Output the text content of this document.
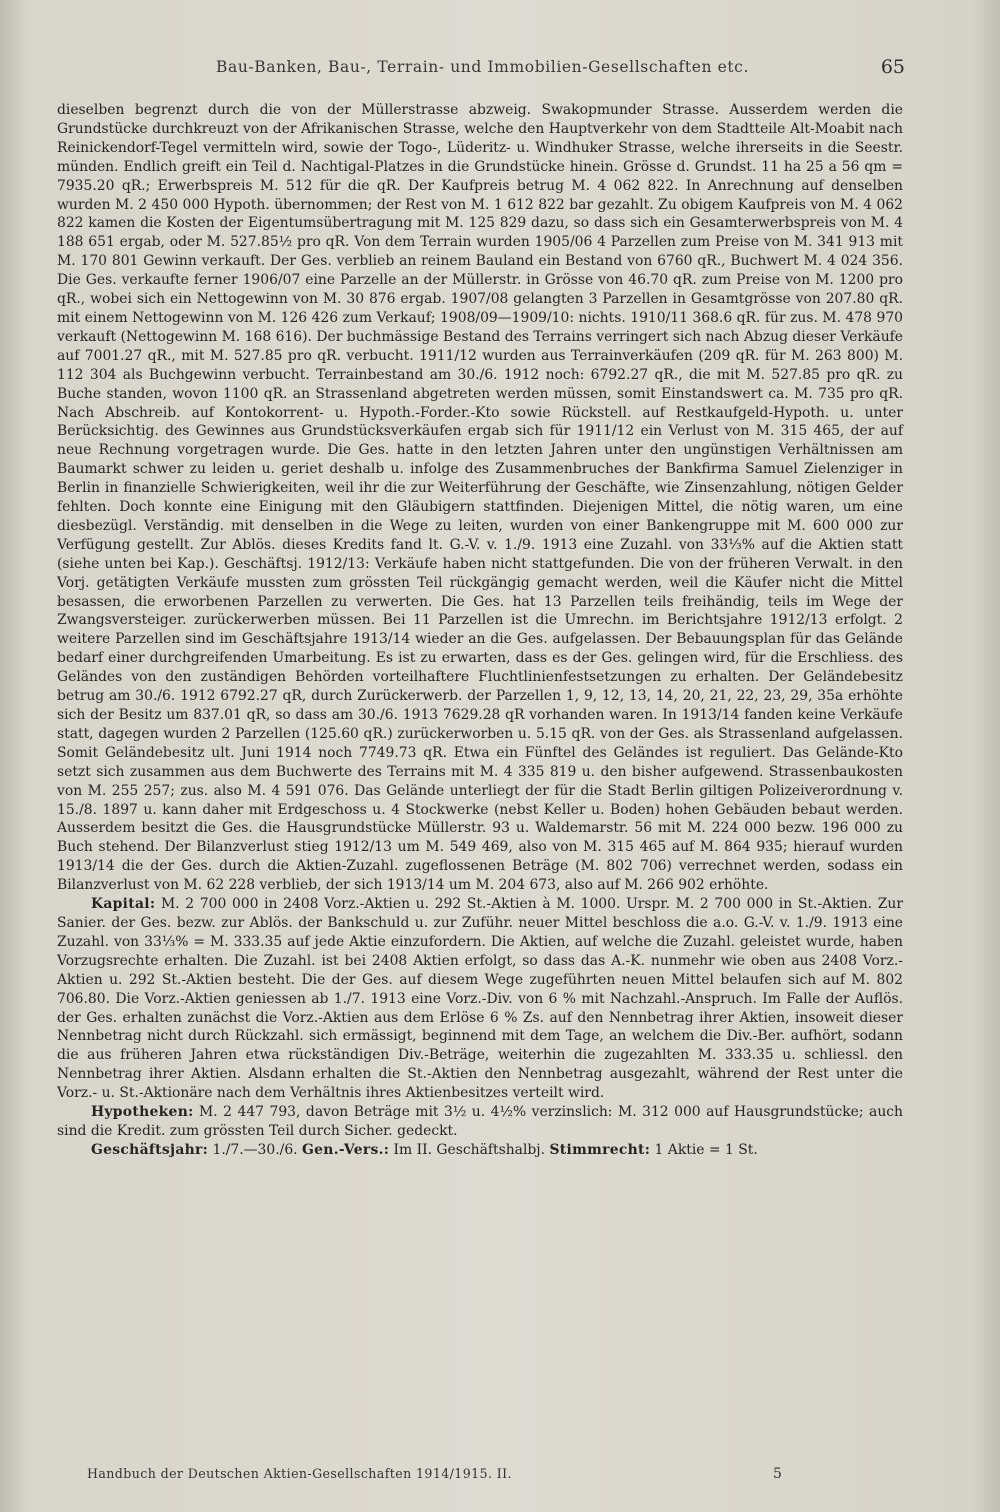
Bau-Banken, Bau-, Terrain- und Immobilien-Gesellschaften etc.	65

dieselben begrenzt durch die von der Müllerstrasse abzweig. Swakopmunder Strasse. Ausserdem werden die Grundstücke durchkreuzt von der Afrikanischen Strasse, welche den Hauptverkehr von dem Stadtteile Alt-Moabit nach Reinickendorf-Tegel vermitteln wird, sowie der Togo-, Lüderitz- u. Windhuker Strasse, welche ihrerseits in die Seestr. münden. Endlich greift ein Teil d. Nachtigal-Platzes in die Grundstücke hinein. Grösse d. Grundst. 11 ha 25 a 56 qm = 7935.20 qR.; Erwerbspreis M. 512 für die qR. Der Kaufpreis betrug M. 4 062 822. In Anrechnung auf denselben wurden M. 2 450 000 Hypoth. übernommen; der Rest von M. 1 612 822 bar gezahlt. Zu obigem Kaufpreis von M. 4 062 822 kamen die Kosten der Eigentumsübertragung mit M. 125 829 dazu, so dass sich ein Gesamterwerbspreis von M. 4 188 651 ergab, oder M. 527.85½ pro qR. Von dem Terrain wurden 1905/06 4 Parzellen zum Preise von M. 341 913 mit M. 170 801 Gewinn verkauft. Der Ges. verblieb an reinem Bauland ein Bestand von 6760 qR., Buchwert M. 4 024 356. Die Ges. verkaufte ferner 1906/07 eine Parzelle an der Müllerstr. in Grösse von 46.70 qR. zum Preise von M. 1200 pro qR., wobei sich ein Nettogewinn von M. 30 876 ergab. 1907/08 gelangten 3 Parzellen in Gesamtgrösse von 207.80 qR. mit einem Nettogewinn von M. 126 426 zum Verkauf; 1908/09—1909/10: nichts. 1910/11 368.6 qR. für zus. M. 478 970 verkauft (Nettogewinn M. 168 616). Der buchmässige Bestand des Terrains verringert sich nach Abzug dieser Verkäufe auf 7001.27 qR., mit M. 527.85 pro qR. verbucht. 1911/12 wurden aus Terrainverkäufen (209 qR. für M. 263 800) M. 112 304 als Buchgewinn verbucht. Terrainbestand am 30./6. 1912 noch: 6792.27 qR., die mit M. 527.85 pro qR. zu Buche standen, wovon 1100 qR. an Strassenland abgetreten werden müssen, somit Einstandswert ca. M. 735 pro qR. Nach Abschreib. auf Kontokorrent- u. Hypoth.-Forder.-Kto sowie Rückstell. auf Restkaufgeld-Hypoth. u. unter Berücksichtig. des Gewinnes aus Grundstücksverkäufen ergab sich für 1911/12 ein Verlust von M. 315 465, der auf neue Rechnung vorgetragen wurde. Die Ges. hatte in den letzten Jahren unter den ungünstigen Verhältnissen am Baumarkt schwer zu leiden u. geriet deshalb u. infolge des Zusammenbruches der Bankfirma Samuel Zielenziger in Berlin in finanzielle Schwierigkeiten, weil ihr die zur Weiterführung der Geschäfte, wie Zinsenzahlung, nötigen Gelder fehlten. Doch konnte eine Einigung mit den Gläubigern stattfinden. Diejenigen Mittel, die nötig waren, um eine diesbezügl. Verständig. mit denselben in die Wege zu leiten, wurden von einer Bankengruppe mit M. 600 000 zur Verfügung gestellt. Zur Ablös. dieses Kredits fand lt. G.-V. v. 1./9. 1913 eine Zuzahl. von 33⅓% auf die Aktien statt (siehe unten bei Kap.). Geschäftsj. 1912/13: Verkäufe haben nicht stattgefunden. Die von der früheren Verwalt. in den Vorj. getätigten Verkäufe mussten zum grössten Teil rückgängig gemacht werden, weil die Käufer nicht die Mittel besassen, die erworbenen Parzellen zu verwerten. Die Ges. hat 13 Parzellen teils freihändig, teils im Wege der Zwangsversteiger. zurückerwerben müssen. Bei 11 Parzellen ist die Umrechn. im Berichtsjahre 1912/13 erfolgt. 2 weitere Parzellen sind im Geschäftsjahre 1913/14 wieder an die Ges. aufgelassen. Der Bebauungsplan für das Gelände bedarf einer durchgreifenden Umarbeitung. Es ist zu erwarten, dass es der Ges. gelingen wird, für die Erschliess. des Geländes von den zuständigen Behörden vorteilhaftere Fluchtlinienfestsetzungen zu erhalten. Der Geländebesitz betrug am 30./6. 1912 6792.27 qR, durch Zurückerwerb. der Parzellen 1, 9, 12, 13, 14, 20, 21, 22, 23, 29, 35a erhöhte sich der Besitz um 837.01 qR, so dass am 30./6. 1913 7629.28 qR vorhanden waren. In 1913/14 fanden keine Verkäufe statt, dagegen wurden 2 Parzellen (125.60 qR.) zurückerworben u. 5.15 qR. von der Ges. als Strassenland aufgelassen. Somit Geländebesitz ult. Juni 1914 noch 7749.73 qR. Etwa ein Fünftel des Geländes ist reguliert. Das Gelände-Kto setzt sich zusammen aus dem Buchwerte des Terrains mit M. 4 335 819 u. den bisher aufgewend. Strassenbaukosten von M. 255 257; zus. also M. 4 591 076. Das Gelände unterliegt der für die Stadt Berlin giltigen Polizeiverordnung v. 15./8. 1897 u. kann daher mit Erdgeschoss u. 4 Stockwerke (nebst Keller u. Boden) hohen Gebäuden bebaut werden. Ausserdem besitzt die Ges. die Hausgrundstücke Müllerstr. 93 u. Waldemarstr. 56 mit M. 224 000 bezw. 196 000 zu Buch stehend. Der Bilanzverlust stieg 1912/13 um M. 549 469, also von M. 315 465 auf M. 864 935; hierauf wurden 1913/14 die der Ges. durch die Aktien-Zuzahl. zugeflossenen Beträge (M. 802 706) verrechnet werden, sodass ein Bilanzverlust von M. 62 228 verblieb, der sich 1913/14 um M. 204 673, also auf M. 266 902 erhöhte.

Kapital: M. 2 700 000 in 2408 Vorz.-Aktien u. 292 St.-Aktien à M. 1000. Urspr. M. 2 700 000 in St.-Aktien. Zur Sanier. der Ges. bezw. zur Ablös. der Bankschuld u. zur Zuführ. neuer Mittel beschloss die a.o. G.-V. v. 1./9. 1913 eine Zuzahl. von 33⅓% = M. 333.35 auf jede Aktie einzufordern. Die Aktien, auf welche die Zuzahl. geleistet wurde, haben Vorzugsrechte erhalten. Die Zuzahl. ist bei 2408 Aktien erfolgt, so dass das A.-K. nunmehr wie oben aus 2408 Vorz.-Aktien u. 292 St.-Aktien besteht. Die der Ges. auf diesem Wege zugeführten neuen Mittel belaufen sich auf M. 802 706.80. Die Vorz.-Aktien geniessen ab 1./7. 1913 eine Vorz.-Div. von 6 % mit Nachzahl.-Anspruch. Im Falle der Auflös. der Ges. erhalten zunächst die Vorz.-Aktien aus dem Erlöse 6 % Zs. auf den Nennbetrag ihrer Aktien, insoweit dieser Nennbetrag nicht durch Rückzahl. sich ermässigt, beginnend mit dem Tage, an welchem die Div.-Ber. aufhört, sodann die aus früheren Jahren etwa rückständigen Div.-Beträge, weiterhin die zugezahlten M. 333.35 u. schliessl. den Nennbetrag ihrer Aktien. Alsdann erhalten die St.-Aktien den Nennbetrag ausgezahlt, während der Rest unter die Vorz.- u. St.-Aktionäre nach dem Verhältnis ihres Aktienbesitzes verteilt wird.

Hypotheken: M. 2 447 793, davon Beträge mit 3½ u. 4½% verzinslich: M. 312 000 auf Hausgrundstücke; auch sind die Kredit. zum grössten Teil durch Sicher. gedeckt.

Geschäftsjahr: 1./7.—30./6. Gen.-Vers.: Im II. Geschäftshalbj. Stimmrecht: 1 Aktie = 1 St.

Handbuch der Deutschen Aktien-Gesellschaften 1914/1915. II.	5
